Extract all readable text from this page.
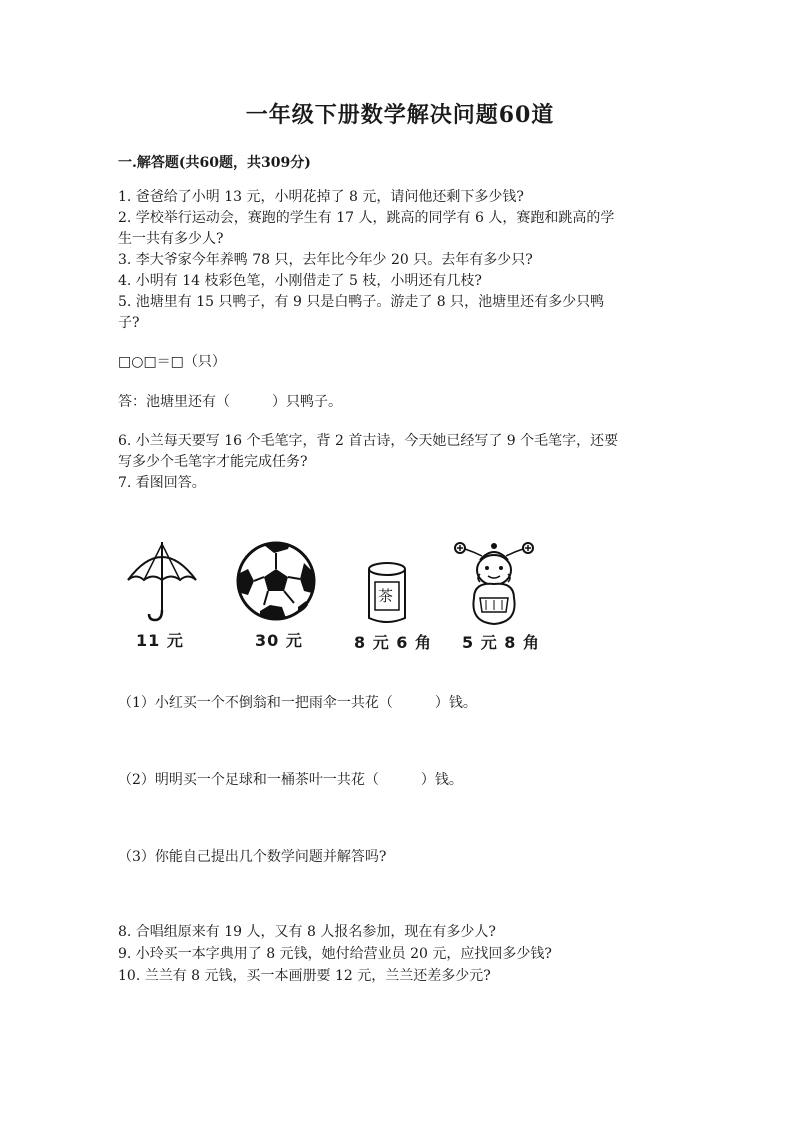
一年级下册数学解决问题60道
一.解答题(共60题，共309分)
1. 爸爸给了小明 13 元，小明花掉了 8 元，请问他还剩下多少钱?
2. 学校举行运动会，赛跑的学生有 17 人，跳高的同学有 6 人，赛跑和跳高的学
生一共有多少人?
3. 李大爷家今年养鸭 78 只，去年比今年少 20 只。去年有多少只?
4. 小明有 14 枝彩色笔，小刚借走了 5 枝，小明还有几枝?
5. 池塘里有 15 只鸭子，有 9 只是白鸭子。游走了 8 只，池塘里还有多少只鸭
子?
□○□＝□（只）
答：池塘里还有（　　　）只鸭子。
6. 小兰每天要写 16 个毛笔字，背 2 首古诗，今天她已经写了 9 个毛笔字，还要
写多少个毛笔字才能完成任务?
7. 看图回答。
11 元	30 元
茶
8 元 6 角 5 元 8 角
（1）小红买一个不倒翁和一把雨伞一共花（　　　）钱。
（2）明明买一个足球和一桶茶叶一共花（　　　）钱。
（3）你能自己提出几个数学问题并解答吗?
8. 合唱组原来有 19 人，又有 8 人报名参加，现在有多少人?
9. 小玲买一本字典用了 8 元钱，她付给营业员 20 元，应找回多少钱?
10. 兰兰有 8 元钱，买一本画册要 12 元，兰兰还差多少元?
